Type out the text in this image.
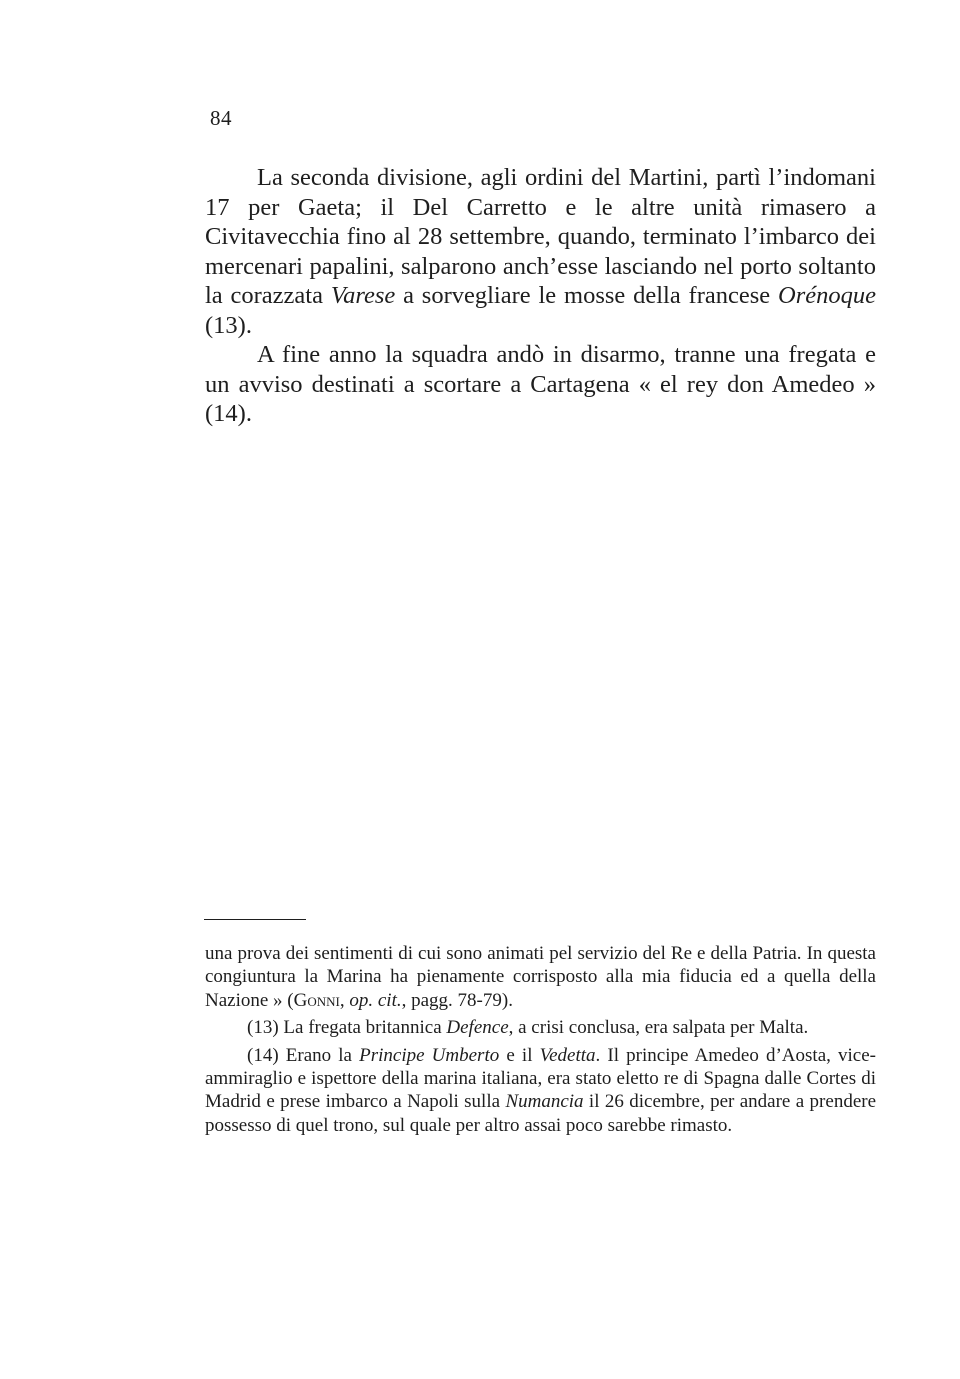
84

La seconda divisione, agli ordini del Martini, partì l’indomani 17 per Gaeta; il Del Carretto e le altre unità rimasero a Civitavecchia fino al 28 settembre, quando, terminato l’imbarco dei mercenari papalini, salparono anch’esse lasciando nel porto soltanto la corazzata Varese a sorvegliare le mosse della francese Orénoque (13).

A fine anno la squadra andò in disarmo, tranne una fregata e un avviso destinati a scortare a Cartagena « el rey don Amedeo » (14).

una prova dei sentimenti di cui sono animati pel servizio del Re e della Patria. In questa congiuntura la Marina ha pienamente corrisposto alla mia fiducia ed a quella della Nazione » (Gonni, op. cit., pagg. 78-79).

(13) La fregata britannica Defence, a crisi conclusa, era salpata per Malta.

(14) Erano la Principe Umberto e il Vedetta. Il principe Amedeo d’Aosta, vice-ammiraglio e ispettore della marina italiana, era stato eletto re di Spagna dalle Cortes di Madrid e prese imbarco a Napoli sulla Numancia il 26 dicembre, per andare a prendere possesso di quel trono, sul quale per altro assai poco sarebbe rimasto.
